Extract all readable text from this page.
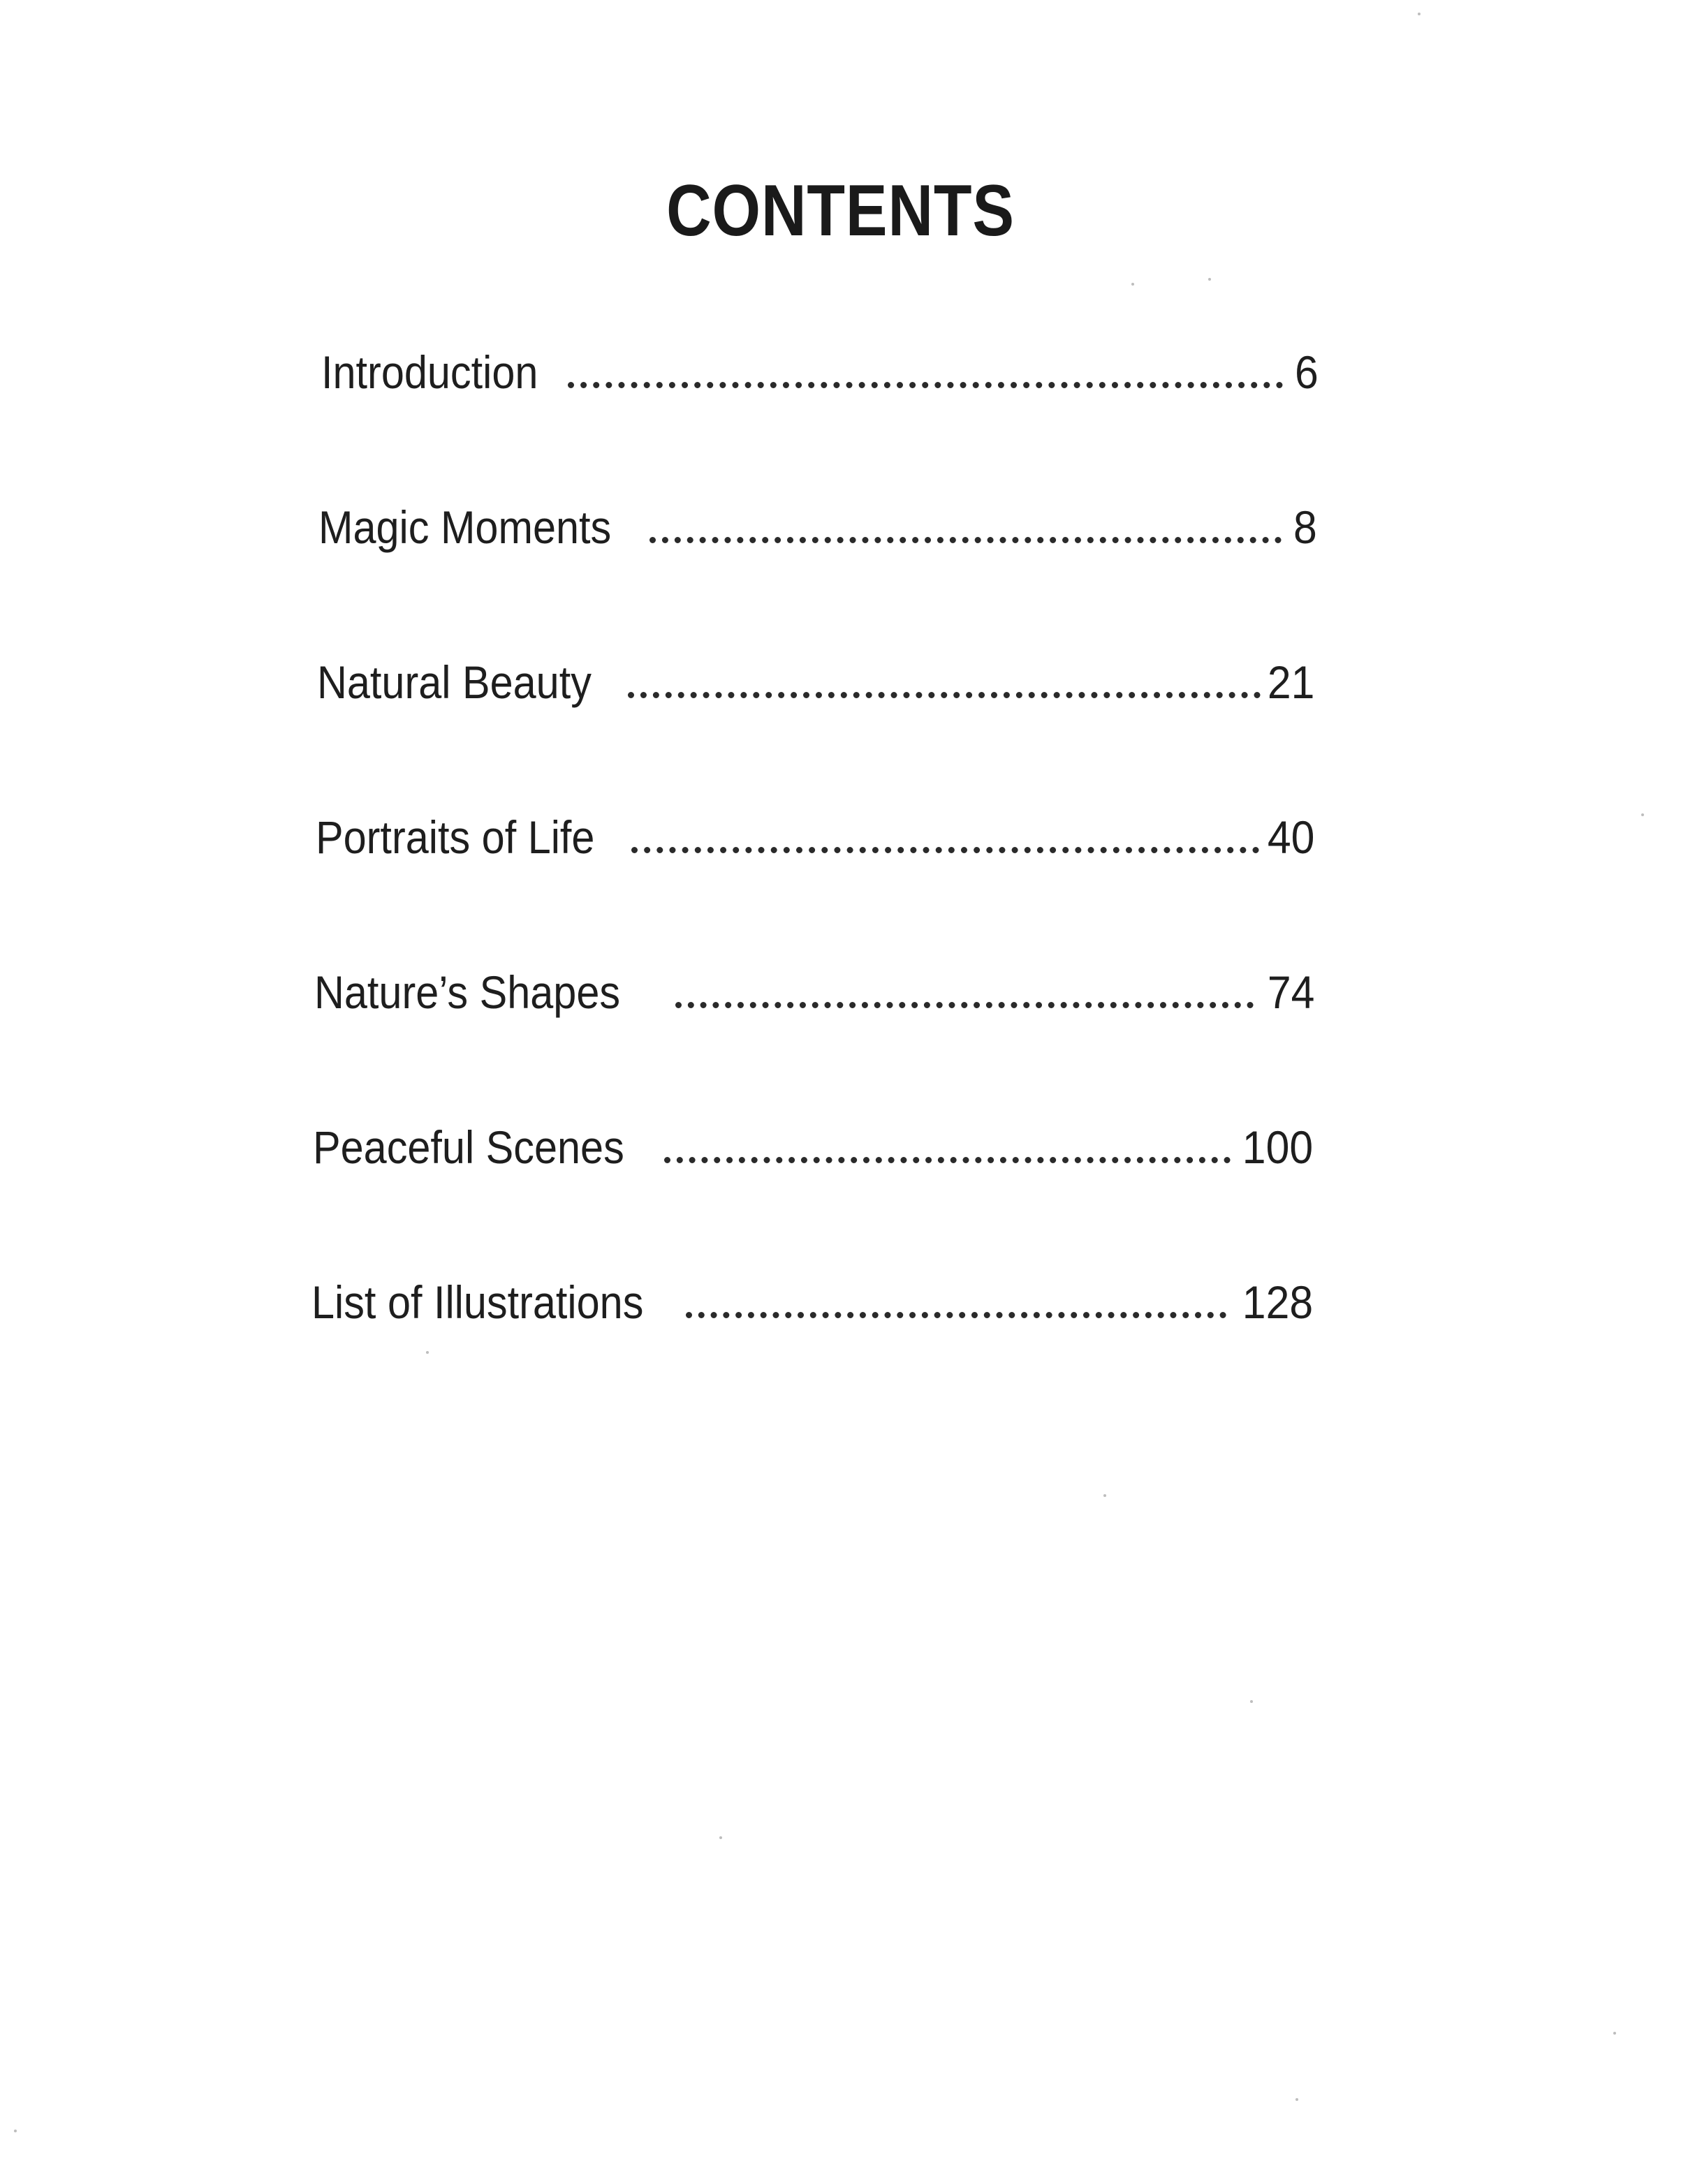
CONTENTS
Introduction	6
Magic Moments	8
Natural Beauty	21
Portraits of Life	40
Nature’s Shapes	74
Peaceful Scenes	100
List of Illustrations	128
